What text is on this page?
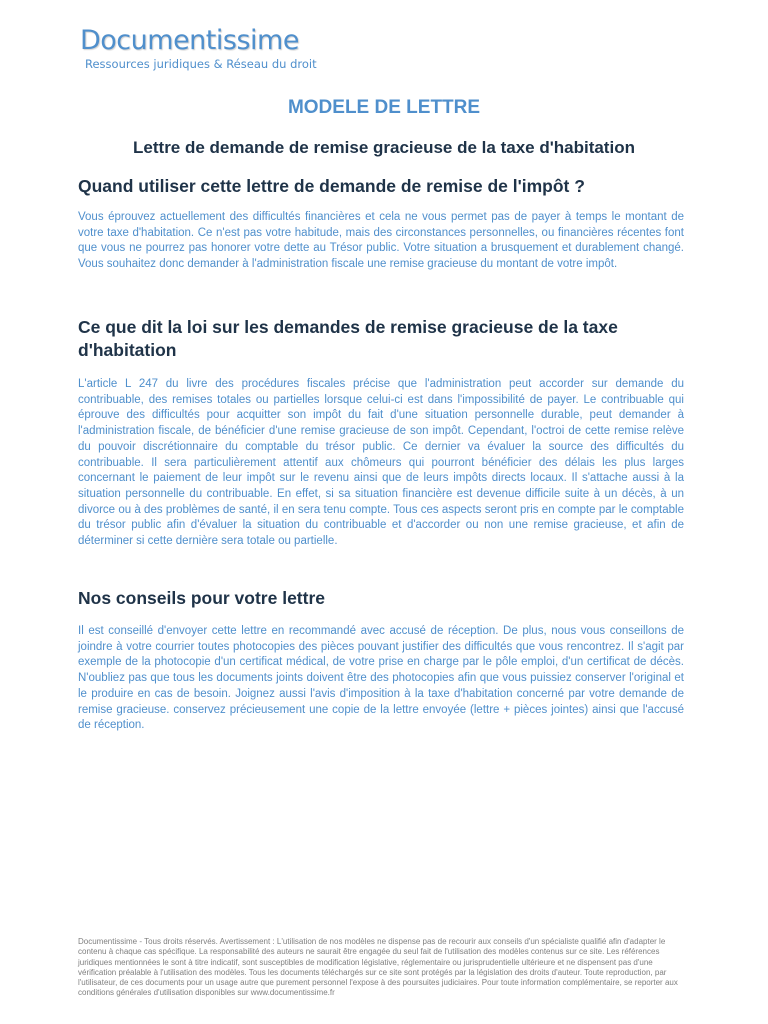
Documentissime
Ressources juridiques & Réseau du droit
MODELE DE LETTRE
Lettre de demande de remise gracieuse de la taxe d'habitation
Quand utiliser cette lettre de demande de remise de l'impôt ?

Vous éprouvez actuellement des difficultés financières et cela ne vous permet pas de payer à temps le montant de votre taxe d'habitation. Ce n'est pas votre habitude, mais des circonstances personnelles, ou financières récentes font que vous ne pourrez pas honorer votre dette au Trésor public. Votre situation a brusquement et durablement changé. Vous souhaitez donc demander à l'administration fiscale une remise gracieuse du montant de votre impôt.

Ce que dit la loi sur les demandes de remise gracieuse de la taxe d'habitation

L'article L 247 du livre des procédures fiscales précise que l'administration peut accorder sur demande du contribuable, des remises totales ou partielles lorsque celui-ci est dans l'impossibilité de payer. Le contribuable qui éprouve des difficultés pour acquitter son impôt du fait d'une situation personnelle durable, peut demander à l'administration fiscale, de bénéficier d'une remise gracieuse de son impôt. Cependant, l'octroi de cette remise relève du pouvoir discrétionnaire du comptable du trésor public. Ce dernier va évaluer la source des difficultés du contribuable. Il sera particulièrement attentif aux chômeurs qui pourront bénéficier des délais les plus larges concernant le paiement de leur impôt sur le revenu ainsi que de leurs impôts directs locaux. Il s'attache aussi à la situation personnelle du contribuable. En effet, si sa situation financière est devenue difficile suite à un décès, à un divorce ou à des problèmes de santé, il en sera tenu compte. Tous ces aspects seront pris en compte par le comptable du trésor public afin d'évaluer la situation du contribuable et d'accorder ou non une remise gracieuse, et afin de déterminer si cette dernière sera totale ou partielle.

Nos conseils pour votre lettre

Il est conseillé d'envoyer cette lettre en recommandé avec accusé de réception. De plus, nous vous conseillons de joindre à votre courrier toutes photocopies des pièces pouvant justifier des difficultés que vous rencontrez. Il s'agit par exemple de la photocopie d'un certificat médical, de votre prise en charge par le pôle emploi, d'un certificat de décès. N'oubliez pas que tous les documents joints doivent être des photocopies afin que vous puissiez conserver l'original et le produire en cas de besoin. Joignez aussi l'avis d'imposition à la taxe d'habitation concerné par votre demande de remise gracieuse. conservez précieusement une copie de la lettre envoyée (lettre + pièces jointes) ainsi que l'accusé de réception.

Documentissime - Tous droits réservés. Avertissement : L'utilisation de nos modèles ne dispense pas de recourir aux conseils d'un spécialiste qualifié afin d'adapter le contenu à chaque cas spécifique. La responsabilité des auteurs ne saurait être engagée du seul fait de l'utilisation des modèles contenus sur ce site. Les références juridiques mentionnées le sont à titre indicatif, sont susceptibles de modification législative, réglementaire ou jurisprudentielle ultérieure et ne dispensent pas d'une vérification préalable à l'utilisation des modèles. Tous les documents téléchargés sur ce site sont protégés par la législation des droits d'auteur. Toute reproduction, par l'utilisateur, de ces documents pour un usage autre que purement personnel l'expose à des poursuites judiciaires. Pour toute information complémentaire, se reporter aux conditions générales d'utilisation disponibles sur www.documentissime.fr
